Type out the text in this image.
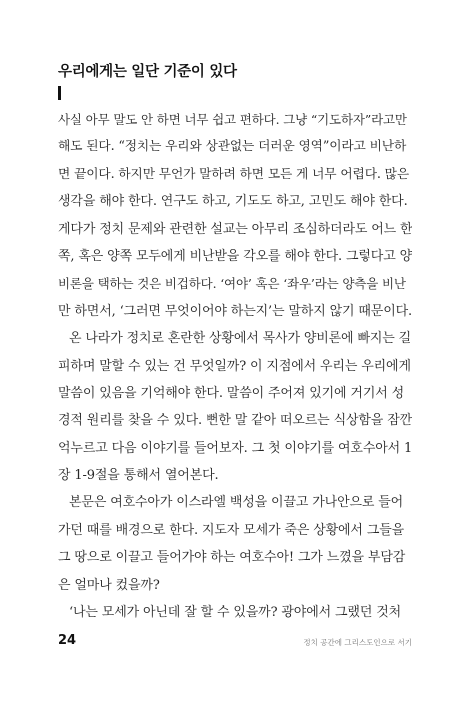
우리에게는 일단 기준이 있다
사실 아무 말도 안 하면 너무 쉽고 편하다. 그냥 “기도하자”라고만
해도 된다. “정치는 우리와 상관없는 더러운 영역”이라고 비난하
면 끝이다. 하지만 무언가 말하려 하면 모든 게 너무 어렵다. 많은
생각을 해야 한다. 연구도 하고, 기도도 하고, 고민도 해야 한다.
게다가 정치 문제와 관련한 설교는 아무리 조심하더라도 어느 한
쪽, 혹은 양쪽 모두에게 비난받을 각오를 해야 한다. 그렇다고 양
비론을 택하는 것은 비겁하다. ‘여야’ 혹은 ‘좌우’라는 양측을 비난
만 하면서, ‘그러면 무엇이어야 하는지’는 말하지 않기 때문이다.
온 나라가 정치로 혼란한 상황에서 목사가 양비론에 빠지는 길
피하며 말할 수 있는 건 무엇일까? 이 지점에서 우리는 우리에게
말씀이 있음을 기억해야 한다. 말씀이 주어져 있기에 거기서 성
경적 원리를 찾을 수 있다. 뻔한 말 같아 떠오르는 식상함을 잠깐
억누르고 다음 이야기를 들어보자. 그 첫 이야기를 여호수아서 1
장 1-9절을 통해서 열어본다.
본문은 여호수아가 이스라엘 백성을 이끌고 가나안으로 들어
가던 때를 배경으로 한다. 지도자 모세가 죽은 상황에서 그들을
그 땅으로 이끌고 들어가야 하는 여호수아! 그가 느꼈을 부담감
은 얼마나 컸을까?
‘나는 모세가 아닌데 잘 할 수 있을까? 광야에서 그랬던 것처
24	정치 공간에 그리스도인으로 서기
